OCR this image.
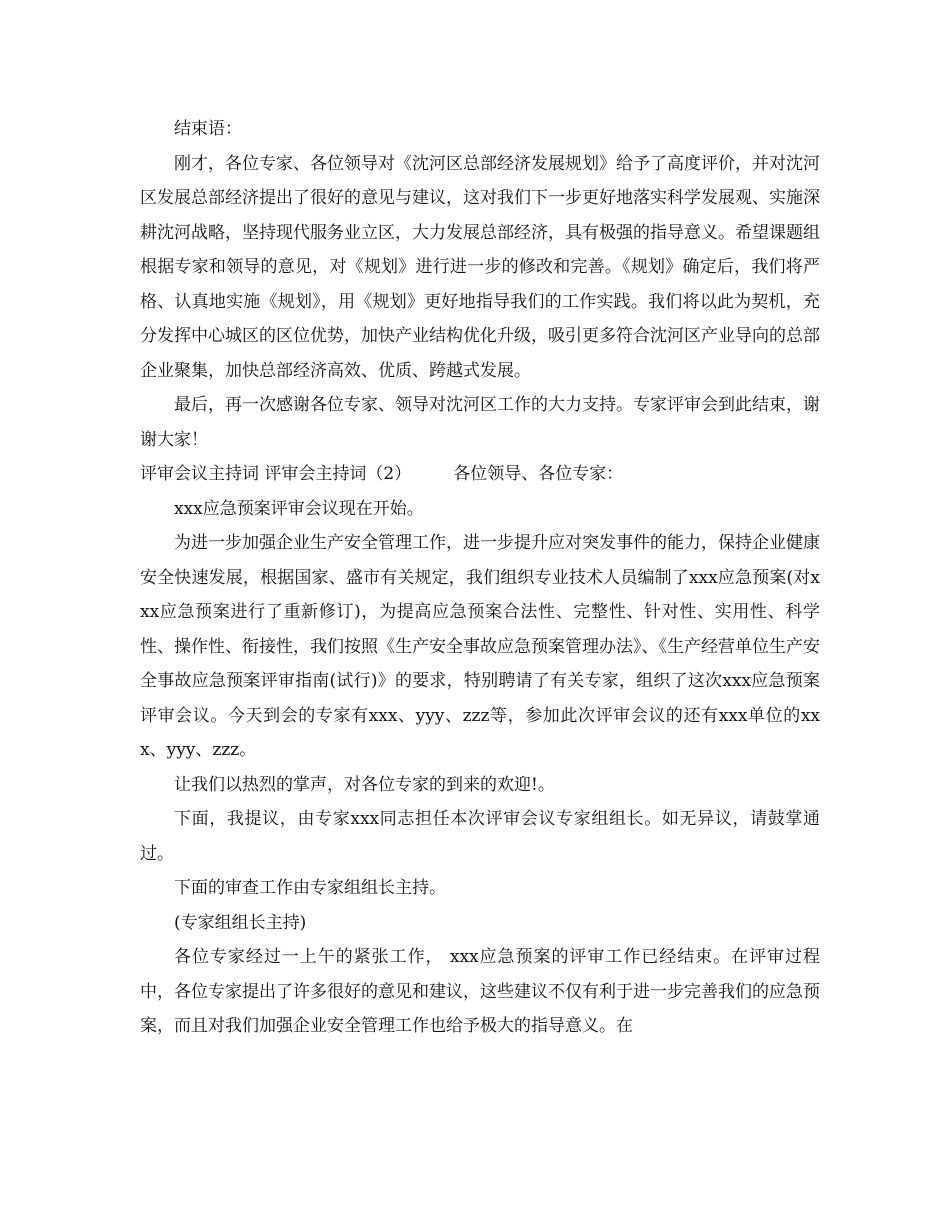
结束语：

刚才，各位专家、各位领导对《沈河区总部经济发展规划》给予了高度评价，并对沈河区发展总部经济提出了很好的意见与建议，这对我们下一步更好地落实科学发展观、实施深耕沈河战略，坚持现代服务业立区，大力发展总部经济，具有极强的指导意义。希望课题组根据专家和领导的意见，对《规划》进行进一步的修改和完善。《规划》确定后，我们将严格、认真地实施《规划》，用《规划》更好地指导我们的工作实践。我们将以此为契机，充分发挥中心城区的区位优势，加快产业结构优化升级，吸引更多符合沈河区产业导向的总部企业聚集，加快总部经济高效、优质、跨越式发展。

最后，再一次感谢各位专家、领导对沈河区工作的大力支持。专家评审会到此结束，谢谢大家！

评审会议主持词 评审会主持词（2） 各位领导、各位专家：

xxx应急预案评审会议现在开始。

为进一步加强企业生产安全管理工作，进一步提升应对突发事件的能力，保持企业健康安全快速发展，根据国家、盛市有关规定，我们组织专业技术人员编制了xxx应急预案(对xxx应急预案进行了重新修订)，为提高应急预案合法性、完整性、针对性、实用性、科学性、操作性、衔接性，我们按照《生产安全事故应急预案管理办法》、《生产经营单位生产安全事故应急预案评审指南(试行)》的要求，特别聘请了有关专家，组织了这次xxx应急预案评审会议。今天到会的专家有xxx、yyy、zzz等，参加此次评审会议的还有xxx单位的xxx、yyy、zzz。

让我们以热烈的掌声，对各位专家的到来的欢迎!。

下面，我提议，由专家xxx同志担任本次评审会议专家组组长。如无异议，请鼓掌通过。

下面的审查工作由专家组组长主持。

(专家组组长主持)

各位专家经过一上午的紧张工作， xxx应急预案的评审工作已经结束。在评审过程中，各位专家提出了许多很好的意见和建议，这些建议不仅有利于进一步完善我们的应急预案，而且对我们加强企业安全管理工作也给予极大的指导意义。在
